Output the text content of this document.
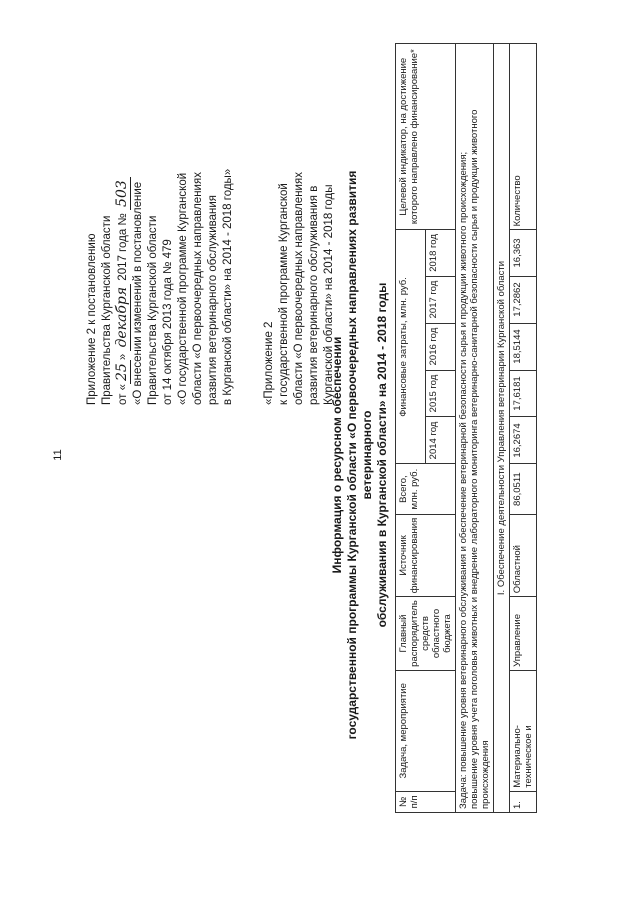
11
Приложение 2 к постановлению Правительства Курганской области от «25» декабря 2017 года № 503 «О внесении изменений в постановление Правительства Курганской области от 14 октября 2013 года № 479 «О государственной программе Курганской области «О первоочередных направлениях развития ветеринарного обслуживания в Курганской области» на 2014 - 2018 годы»	«Приложение 2 к государственной программе Курганской области «О первоочередных направлениях развития ветеринарного обслуживания в Курганской области» на 2014 - 2018 годы
Информация о ресурсном обеспечении государственной программы Курганской области «О первоочередных направлениях развития ветеринарного обслуживания в Курганской области» на 2014 - 2018 годы
№ п/п	Задача, мероприятие	Главный распорядитель средств областного бюджета	Источник финансирования	Всего, млн. руб.	Финансовые затраты, млн. руб.					Целевой индикатор, на достижение которого направлено финансирование*
					2014 год	2015 год	2016 год	2017 год	2018 год	

Задача: повышение уровня ветеринарного обслуживания и обеспечение ветеринарной безопасности сырья и продукции животного происхождения; повышение уровня учета поголовья животных и внедрение лабораторного мониторинга ветеринарно-санитарной безопасности сырья и продукции животного происхождения										

I. Обеспечение деятельности Управления ветеринарии Курганской области										
1.	Материально-техническое и	Управление	Областной	86,0511	16,2674	17,6181	18,5144	17,2862	16,363	Количество
